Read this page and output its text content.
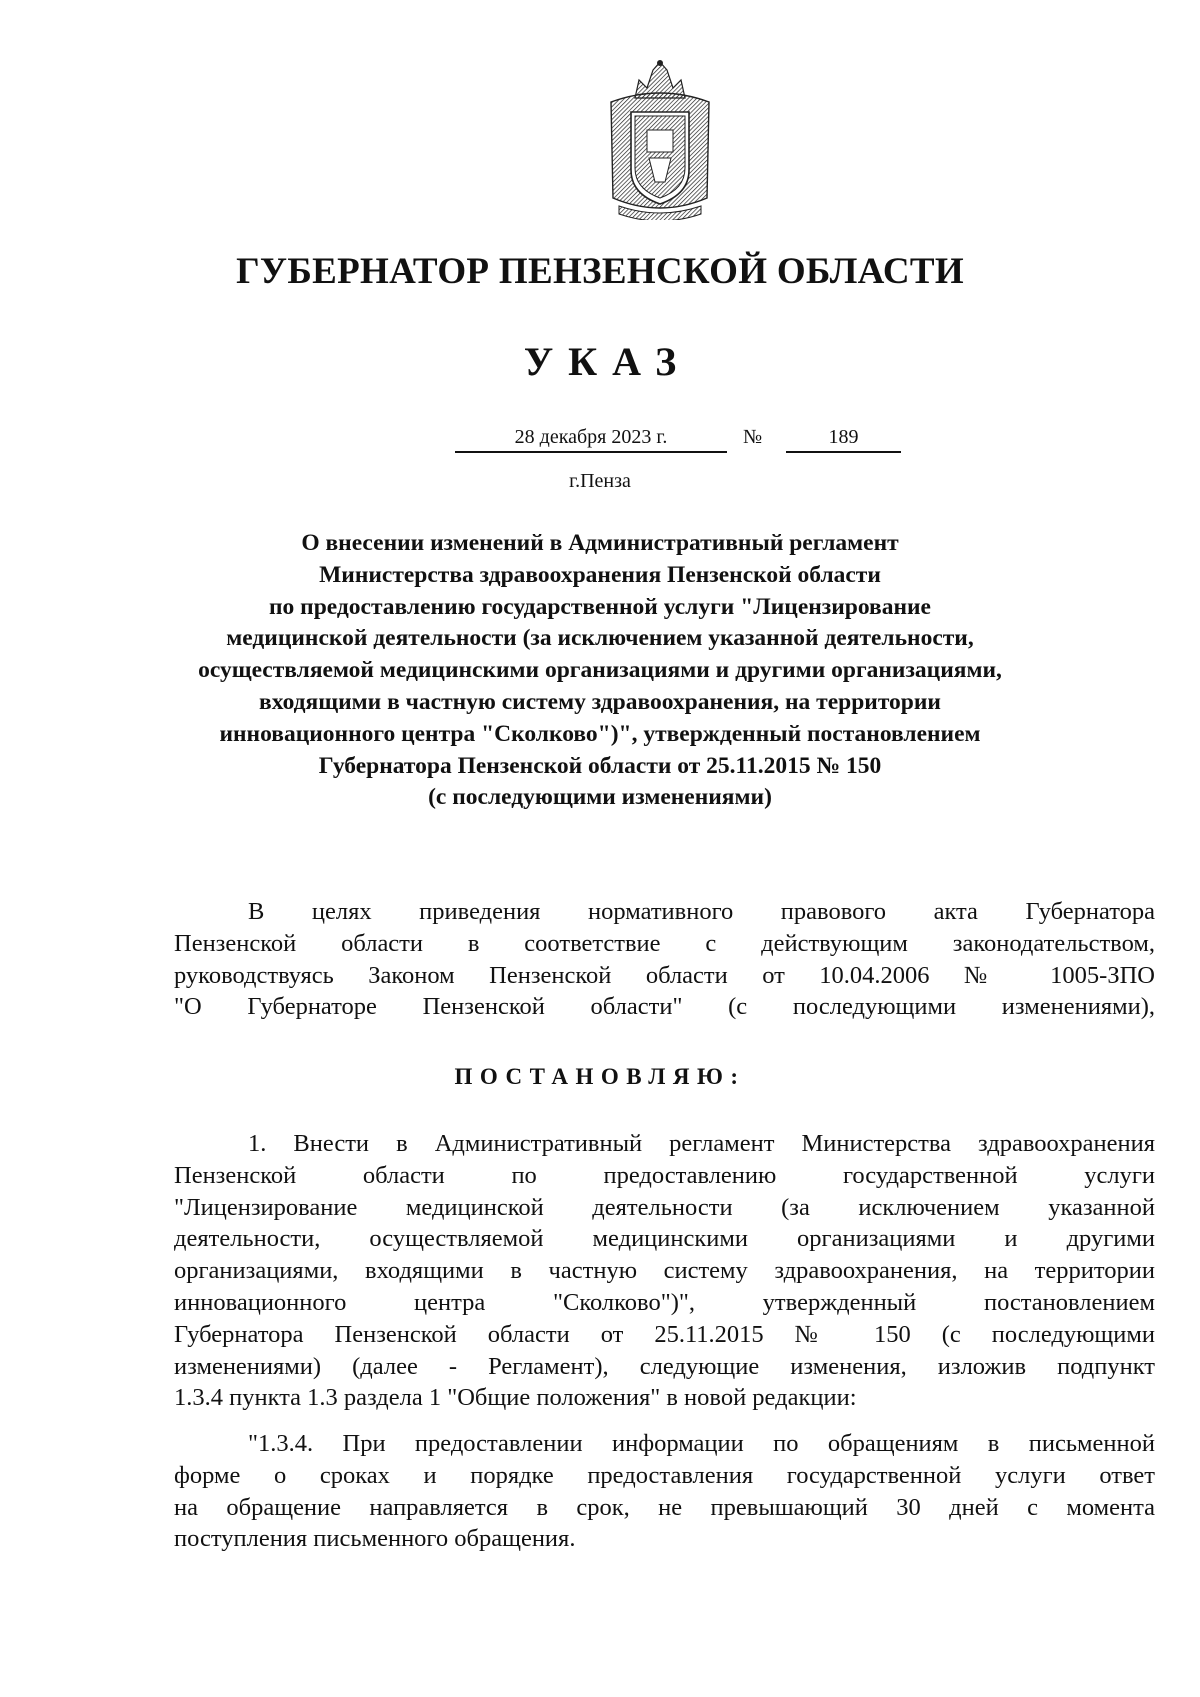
ГУБЕРНАТОР ПЕНЗЕНСКОЙ ОБЛАСТИ
УКАЗ
28 декабря 2023 г.	№	189
г.Пенза
О внесении изменений в Административный регламент
Министерства здравоохранения Пензенской области
по предоставлению государственной услуги "Лицензирование
медицинской деятельности (за исключением указанной деятельности,
осуществляемой медицинскими организациями и другими организациями,
входящими в частную систему здравоохранения, на территории
инновационного центра "Сколково")", утвержденный постановлением
Губернатора Пензенской области от 25.11.2015 № 150
(с последующими изменениями)
В целях приведения нормативного правового акта Губернатора
Пензенской области в соответствие с действующим законодательством,
руководствуясь Законом Пензенской области от 10.04.2006 № 1005-ЗПО
"О Губернаторе Пензенской области" (с последующими изменениями),
ПОСТАНОВЛЯЮ:
1. Внести в Административный регламент Министерства здравоохранения
Пензенской области по предоставлению государственной услуги
"Лицензирование медицинской деятельности (за исключением указанной
деятельности, осуществляемой медицинскими организациями и другими
организациями, входящими в частную систему здравоохранения, на территории
инновационного центра "Сколково")", утвержденный постановлением
Губернатора Пензенской области от 25.11.2015 № 150 (с последующими
изменениями) (далее - Регламент), следующие изменения, изложив подпункт
1.3.4 пункта 1.3 раздела 1 "Общие положения" в новой редакции:
"1.3.4. При предоставлении информации по обращениям в письменной
форме о сроках и порядке предоставления государственной услуги ответ
на обращение направляется в срок, не превышающий 30 дней с момента
поступления письменного обращения.
